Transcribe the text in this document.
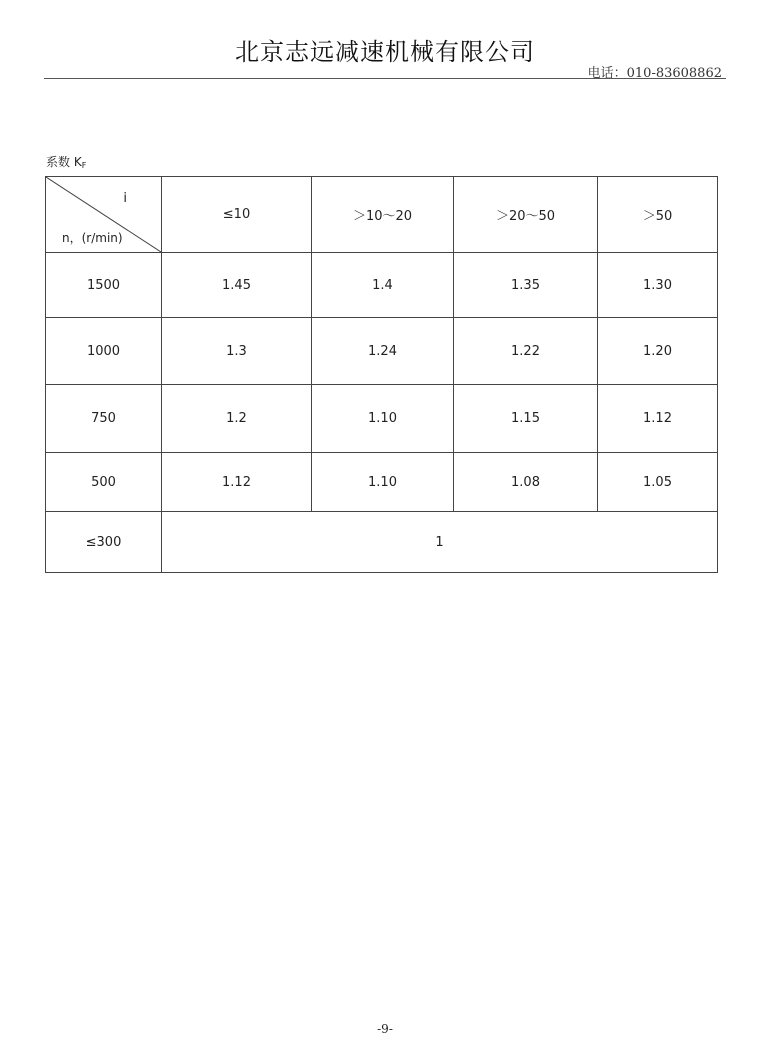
北京志远减速机械有限公司
电话：010-83608862
系数 $K_F$
i
n，(r/min)	≤10	＞10～20	＞20～50	＞50
1500	1.45	1.4	1.35	1.30
1000	1.3	1.24	1.22	1.20
750	1.2	1.10	1.15	1.12
500	1.12	1.10	1.08	1.05
≤300	1			
-9-
